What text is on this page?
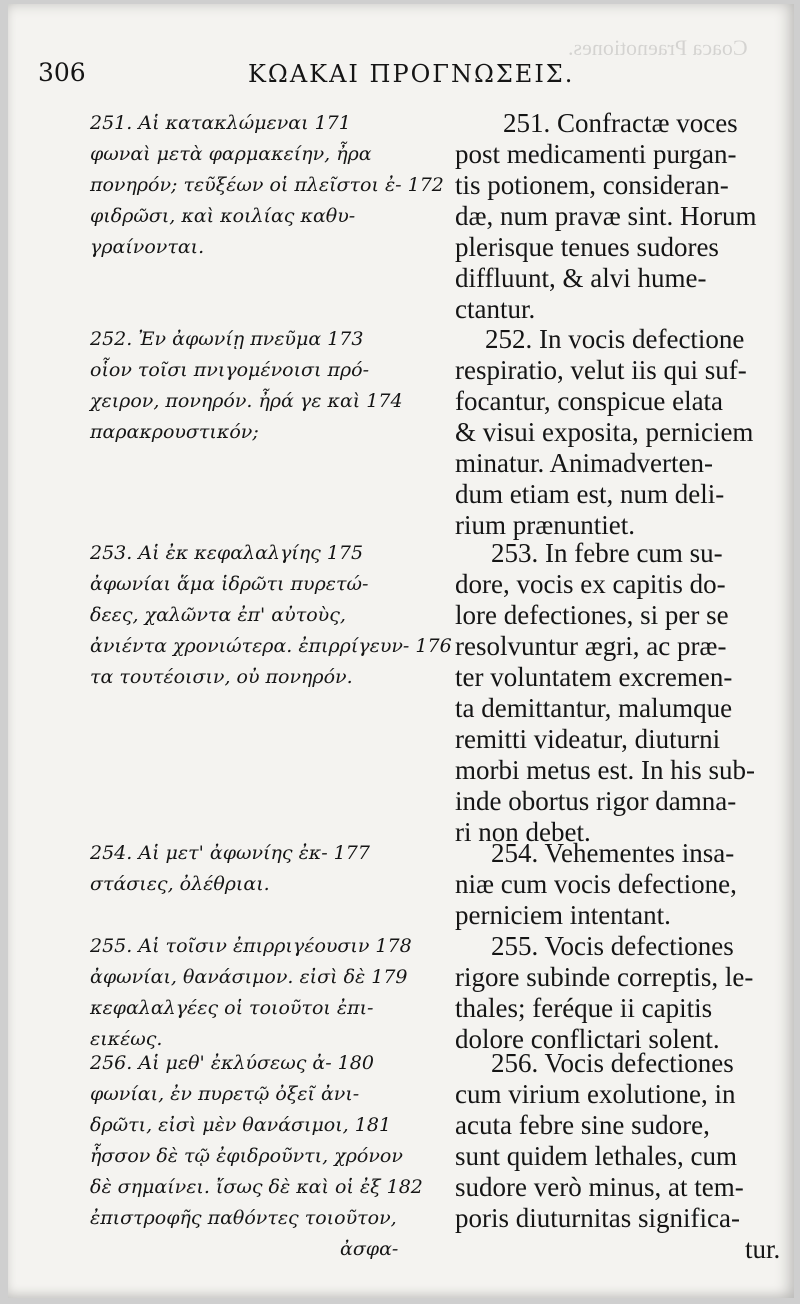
Coaca Praenotiones.
306	ΚΩΑΚΑΙ ΠΡΟΓΝΩΣΕΙΣ.
251. Αἱ κατακλώμεναι 171
φωναὶ μετὰ φαρμακείην, ἦρα
πονηρόν; τεῦξέων οἱ πλεῖστοι ἐ- 172
φιδρῶσι, καὶ κοιλίας καθυ-
γραίνονται.
252. Ἐν ἀφωνίῃ πνεῦμα 173
οἷον τοῖσι πνιγομένοισι πρό-
χειρον, πονηρόν. ἦρά γε καὶ 174
παρακρουστικόν;
253. Αἱ ἐκ κεφαλαλγίης 175
ἀφωνίαι ἅμα ἱδρῶτι πυρετώ-
δεες, χαλῶντα ἐπ' αὐτοὺς,
ἀνιέντα χρονιώτερα. ἐπιρρίγευν- 176
τα τουτέοισιν, οὐ πονηρόν.
254. Αἱ μετ' ἀφωνίης ἐκ- 177
στάσιες, ὀλέθριαι.
255. Αἱ τοῖσιν ἐπιρριγέουσιν 178
ἀφωνίαι, θανάσιμον. εἰσὶ δὲ 179
κεφαλαλγέες οἱ τοιοῦτοι ἐπι-
εικέως.
256. Αἱ μεθ' ἐκλύσεως ἀ- 180
φωνίαι, ἐν πυρετῷ ὀξεῖ ἀνι-
δρῶτι, εἰσὶ μὲν θανάσιμοι, 181
ἧσσον δὲ τῷ ἐφιδροῦντι, χρόνον
δὲ σημαίνει. ἴσως δὲ καὶ οἱ ἐξ 182
ἐπιστροφῆς παθόντες τοιοῦτον,
ἀσφα-
251. Confractæ voces
post medicamenti purgan-
tis potionem, consideran-
dæ, num pravæ sint. Horum
plerisque tenues sudores
diffluunt, & alvi hume-
ctantur.
252. In vocis defectione
respiratio, velut iis qui suf-
focantur, conspicue elata
& visui exposita, perniciem
minatur. Animadverten-
dum etiam est, num deli-
rium prænuntiet.
253. In febre cum su-
dore, vocis ex capitis do-
lore defectiones, si per se
resolvuntur ægri, ac præ-
ter voluntatem excremen-
ta demittantur, malumque
remitti videatur, diuturni
morbi metus est. In his sub-
inde obortus rigor damna-
ri non debet.
254. Vehementes insa-
niæ cum vocis defectione,
perniciem intentant.
255. Vocis defectiones
rigore subinde correptis, le-
thales; feréque ii capitis
dolore conflictari solent.
256. Vocis defectiones
cum virium exolutione, in
acuta febre sine sudore,
sunt quidem lethales, cum
sudore verò minus, at tem-
poris diuturnitas significa-
tur.
